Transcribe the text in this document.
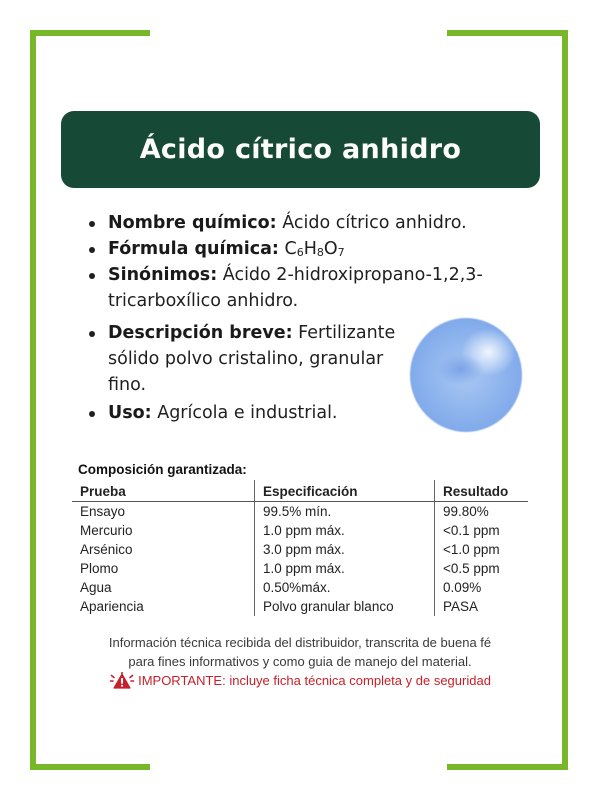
Ácido cítrico anhidro
Nombre químico: Ácido cítrico anhidro.
Fórmula química: $C_6H_8O_7$
Sinónimos: Ácido 2-hidroxipropano-1,2,3-tricarboxílico anhidro.
Descripción breve: Fertilizante sólido polvo cristalino, granular fino.
Uso: Agrícola e industrial.
Composición garantizada:
Prueba	Especificación	Resultado
Ensayo	99.5% mín.	99.80%
Mercurio	1.0 ppm máx.	<0.1 ppm
Arsénico	3.0 ppm máx.	<1.0 ppm
Plomo	1.0 ppm máx.	<0.5 ppm
Agua	0.50%máx.	0.09%
Apariencia	Polvo granular blanco	PASA
Información técnica recibida del distribuidor, transcrita de buena fé
para fines informativos y como guia de manejo del material.
IMPORTANTE: incluye ficha técnica completa y de seguridad
